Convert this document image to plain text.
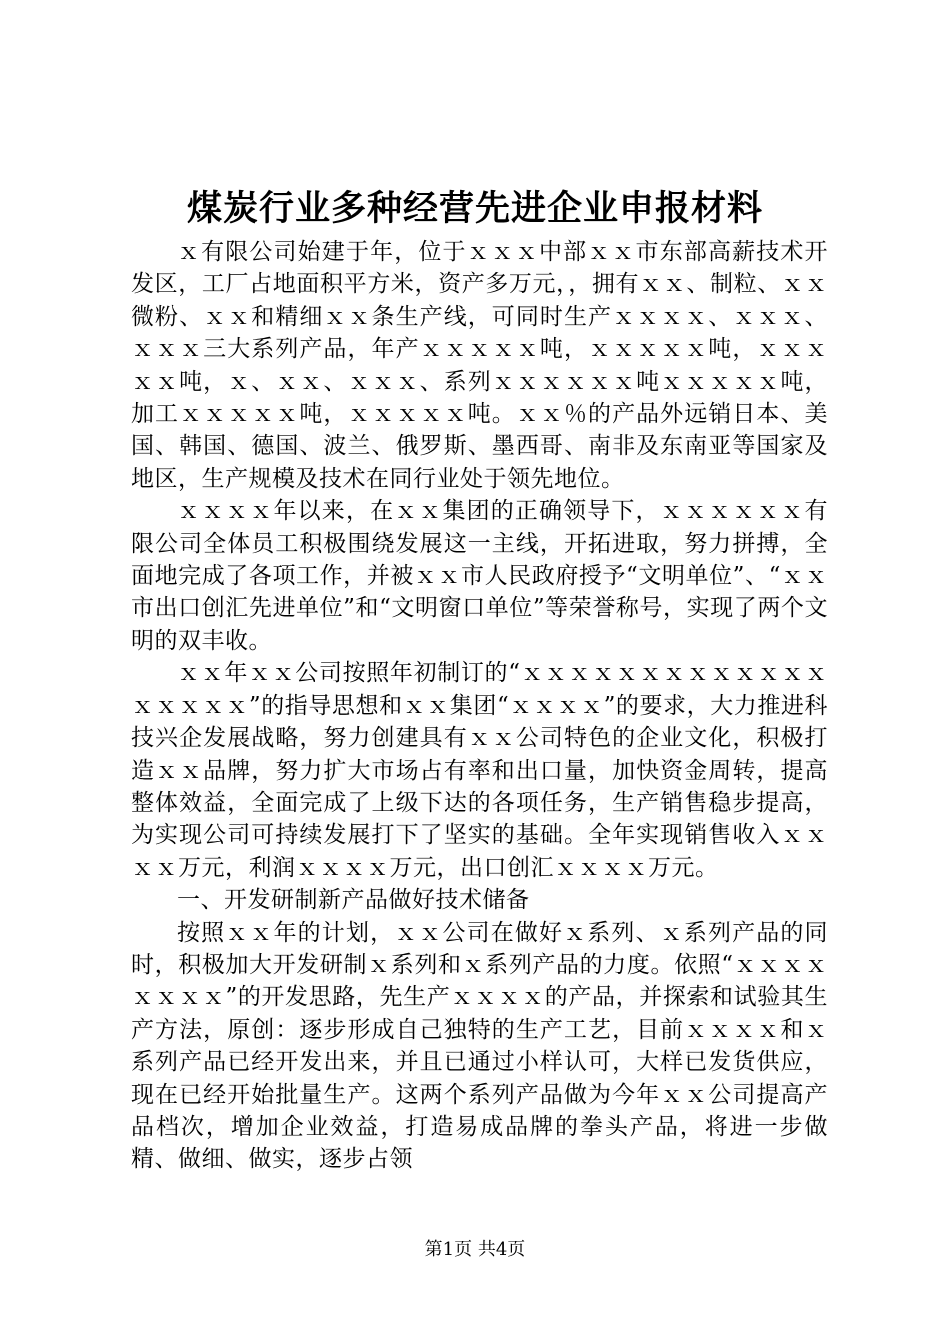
煤炭行业多种经营先进企业申报材料

ｘ有限公司始建于年，位于ｘｘｘ中部ｘｘ市东部高薪技术开发区，工厂占地面积平方米，资产多万元，，拥有ｘｘ、制粒、ｘｘ微粉、ｘｘ和精细ｘｘ条生产线，可同时生产ｘｘｘｘ、ｘｘｘ、ｘｘｘ三大系列产品，年产ｘｘｘｘｘ吨，ｘｘｘｘｘ吨，ｘｘｘｘｘ吨，ｘ、ｘｘ、ｘｘｘ、系列ｘｘｘｘｘｘ吨ｘｘｘｘｘ吨，加工ｘｘｘｘｘ吨，ｘｘｘｘｘ吨。ｘｘ％的产品外远销日本、美国、韩国、德国、波兰、俄罗斯、墨西哥、南非及东南亚等国家及地区，生产规模及技术在同行业处于领先地位。

ｘｘｘｘ年以来，在ｘｘ集团的正确领导下，ｘｘｘｘｘｘ有限公司全体员工积极围绕发展这一主线，开拓进取，努力拼搏，全面地完成了各项工作，并被ｘｘ市人民政府授予“文明单位”、“ｘｘ市出口创汇先进单位”和“文明窗口单位”等荣誉称号，实现了两个文明的双丰收。

ｘｘ年ｘｘ公司按照年初制订的“ｘｘｘｘｘｘｘｘｘｘｘｘｘｘｘｘｘｘ”的指导思想和ｘｘ集团“ｘｘｘｘ”的要求，大力推进科技兴企发展战略，努力创建具有ｘｘ公司特色的企业文化，积极打造ｘｘ品牌，努力扩大市场占有率和出口量，加快资金周转，提高整体效益，全面完成了上级下达的各项任务，生产销售稳步提高，为实现公司可持续发展打下了坚实的基础。全年实现销售收入ｘｘｘｘ万元，利润ｘｘｘｘ万元，出口创汇ｘｘｘｘ万元。

一、开发研制新产品做好技术储备

按照ｘｘ年的计划，ｘｘ公司在做好ｘ系列、ｘ系列产品的同时，积极加大开发研制ｘ系列和ｘ系列产品的力度。依照“ｘｘｘｘｘｘｘｘ”的开发思路，先生产ｘｘｘｘ的产品，并探索和试验其生产方法，原创：逐步形成自己独特的生产工艺，目前ｘｘｘｘ和ｘ系列产品已经开发出来，并且已通过小样认可，大样已发货供应，现在已经开始批量生产。这两个系列产品做为今年ｘｘ公司提高产品档次，增加企业效益，打造易成品牌的拳头产品，将进一步做精、做细、做实，逐步占领

第1页 共4页
